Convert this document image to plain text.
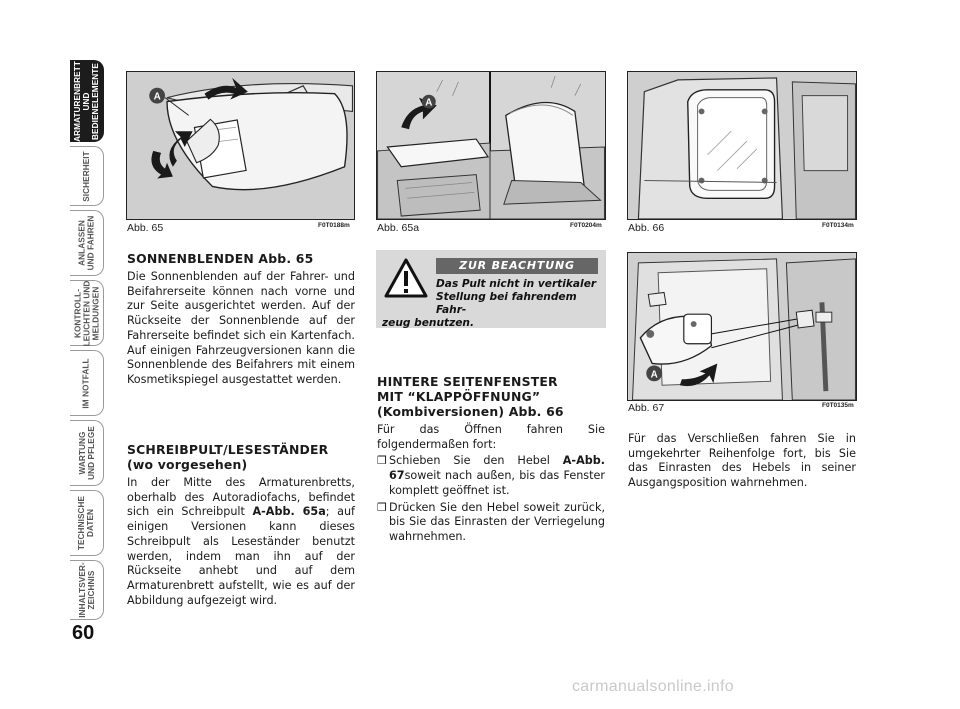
ARMATURENBRETT
UND
BEDIENELEMENTE
SICHERHEIT
ANLASSEN
UND FAHREN
KONTROLL-
LEUCHTEN UND
MELDUNGEN
IM NOTFALL
WARTUNG
UND PFLEGE
TECHNISCHE
DATEN
INHALTSVER-
ZEICHNIS
60
A
Abb. 65	F0T0188m
A
Abb. 65a	F0T0204m Abb. 66	F0T0134m
A
Abb. 67	F0T0135m
SONNENBLENDEN Abb. 65

Die Sonnenblenden auf der Fahrer- und Beifahrerseite können nach vorne und zur Seite ausgerichtet werden. Auf der Rückseite der Sonnenblende auf der Fahrerseite befindet sich ein Kartenfach. Auf einigen Fahrzeugversionen kann die Sonnenblende des Beifahrers mit einem Kosmetikspiegel ausgestattet werden.

SCHREIBPULT/LESESTÄNDER
(wo vorgesehen)

In der Mitte des Armaturenbretts, oberhalb des Autoradiofachs, befindet sich ein Schreibpult A-Abb. 65a; auf einigen Versionen kann dieses Schreibpult als Leseständer benutzt werden, indem man ihn auf der Rückseite anhebt und auf dem Armaturenbrett aufstellt, wie es auf der Abbildung aufgezeigt wird.

ZUR BEACHTUNG
Das Pult nicht in vertikaler
Stellung bei fahrendem Fahr-
zeug benutzen.
HINTERE SEITENFENSTER
MIT “KLAPPÖFFNUNG”
(Kombiversionen) Abb. 66

Für das Öffnen fahren Sie folgendermaßen fort:

❒ Schieben Sie den Hebel A-Abb. 67soweit nach außen, bis das Fenster komplett geöffnet ist.

❒ Drücken Sie den Hebel soweit zurück, bis Sie das Einrasten der Verriegelung wahrnehmen.

Für das Verschließen fahren Sie in umgekehrter Reihenfolge fort, bis Sie das Einrasten des Hebels in seiner Ausgangsposition wahrnehmen.

carmanualsonline.info
